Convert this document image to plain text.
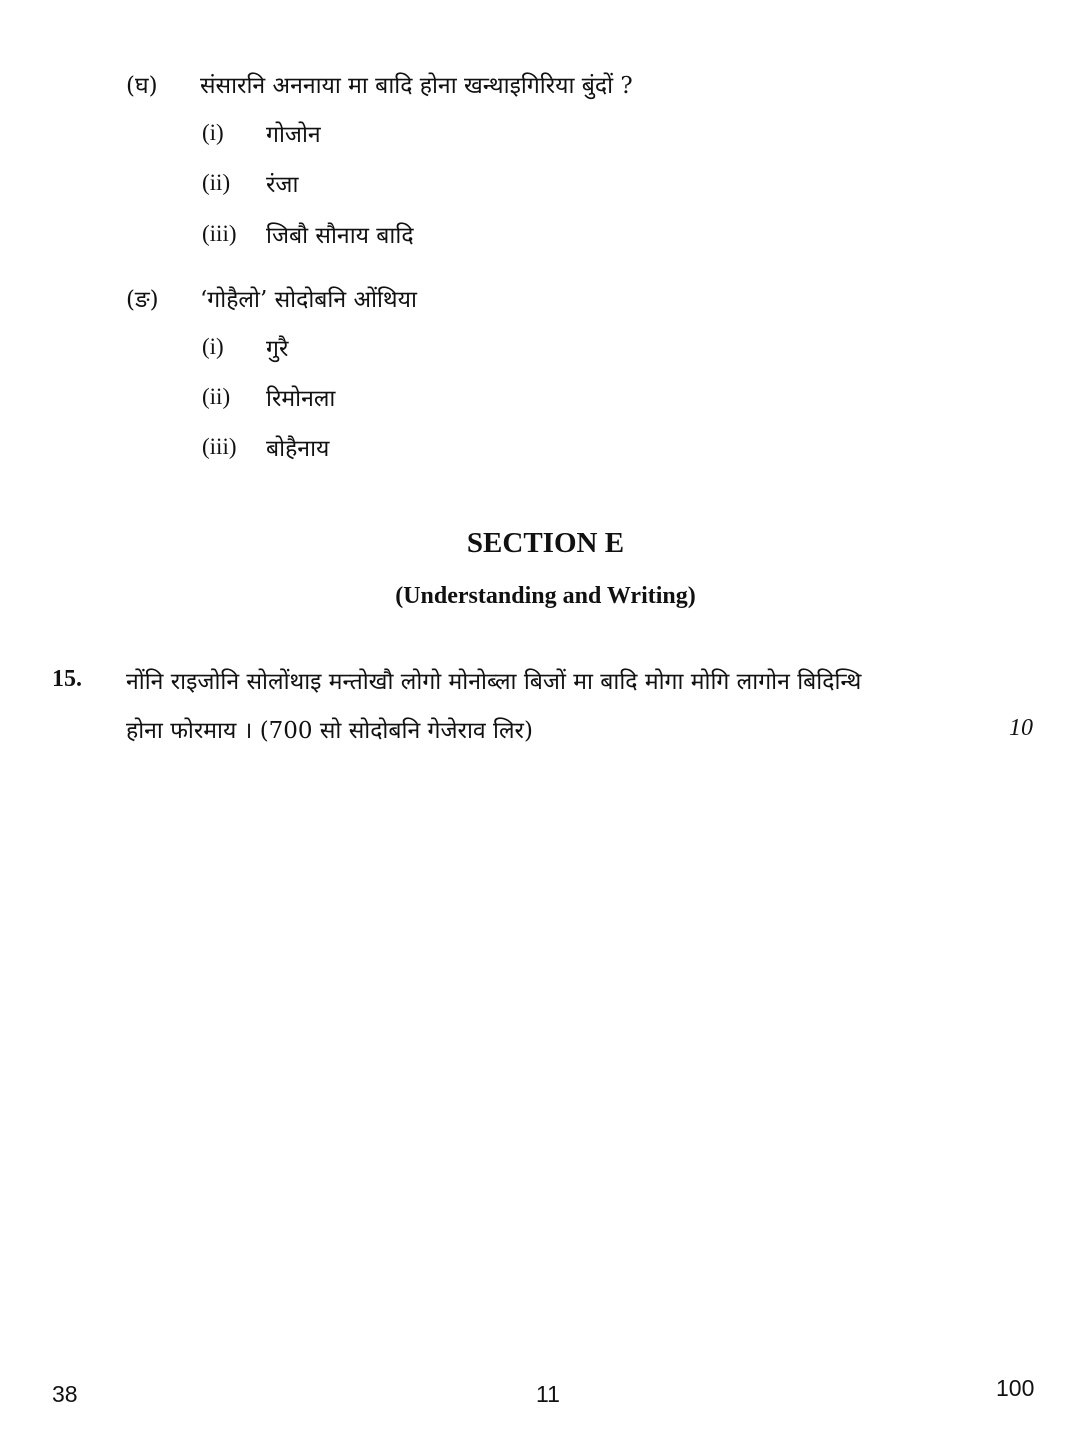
(घ) संसारनि अननाया मा बादि होना खन्थाइगिरिया बुंदों ?
(i) गोजोन
(ii) रंजा
(iii) जिबौ सौनाय बादि
(ङ) ‘गोहैलो’ सोदोबनि ओंथिया
(i) गुरै
(ii) रिमोनला
(iii) बोहैनाय
SECTION E
(Understanding and Writing)
15. नोंनि राइजोनि सोलोंथाइ मन्तोखौ लोगो मोनोब्ला बिजों मा बादि मोगा मोगि लागोन बिदिन्थि
होना फोरमाय । (700 सो सोदोबनि गेजेराव लिर)	10
38	11	100
